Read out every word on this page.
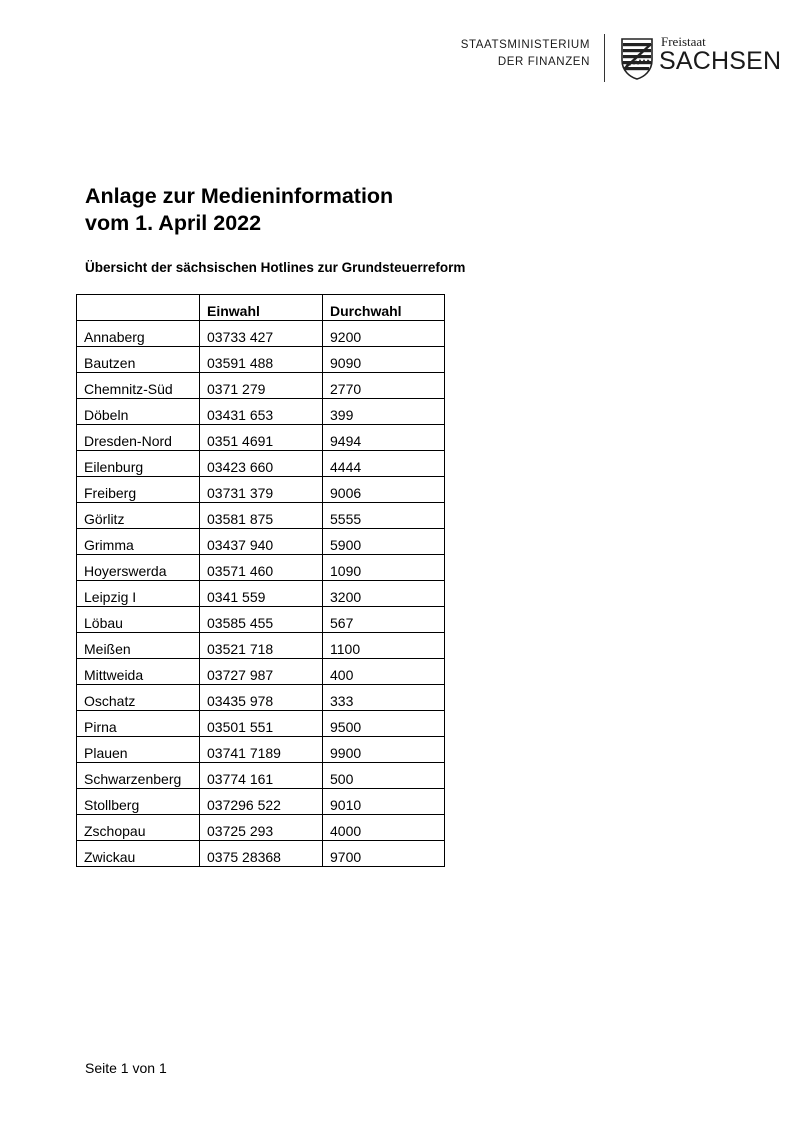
STAATSMINISTERIUM
DER FINANZEN
Freistaat
SACHSEN
Anlage zur Medieninformation
vom 1. April 2022
Übersicht der sächsischen Hotlines zur Grundsteuerreform
	Einwahl	Durchwahl
Annaberg	03733 427	9200
Bautzen	03591 488	9090
Chemnitz-Süd	0371 279	2770
Döbeln	03431 653	399
Dresden-Nord	0351 4691	9494
Eilenburg	03423 660	4444
Freiberg	03731 379	9006
Görlitz	03581 875	5555
Grimma	03437 940	5900
Hoyerswerda	03571 460	1090
Leipzig I	0341 559	3200
Löbau	03585 455	567
Meißen	03521 718	1100
Mittweida	03727 987	400
Oschatz	03435 978	333
Pirna	03501 551	9500
Plauen	03741 7189	9900
Schwarzenberg	03774 161	500
Stollberg	037296 522	9010
Zschopau	03725 293	4000
Zwickau	0375 28368	9700
Seite 1 von 1
